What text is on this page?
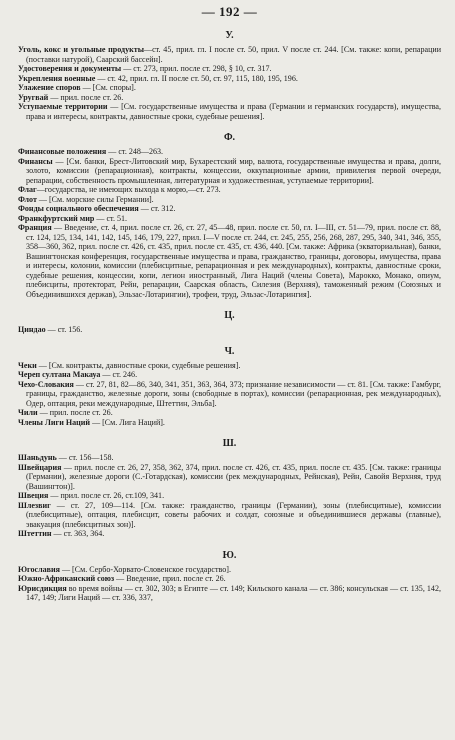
— 192 —
У.

Уголь, кокс и угольные продукты—ст. 45, прил. гл. I после ст. 50, прил. V после ст. 244. [См. также: копи, репарации (поставки натурой), Саарский бассейн].

Удостоверения и документы — ст. 273, прил. после ст. 298, § 10, ст. 317.

Укрепления военные — ст. 42, прил. гл. II после ст. 50, ст. 97, 115, 180, 195, 196.

Улажение споров — [См. споры].

Уругвай — прил. после ст. 26.

Уступаемые территории — [См. государственные имущества и права (Германии и германских государств), имущества, права и интересы, контракты, давностные сроки, судебные решения].

Ф.

Финансовые положения — ст. 248—263.

Финансы — [См. банки, Брест-Литовский мир, Бухарестский мир, валюта, государственные имущества и права, долги, золото, комиссии (репарационная), контракты, концессии, оккупационные армии, привилегия первой очереди, репарации, собственность промышленная, литературная и художественная, уступаемые территории].

Флаг—государства, не имеющих выхода к морю,—ст. 273.

Флот — [См. морские силы Германии].

Фонды социального обеспечения — ст. 312.

Франкфуртский мир — ст. 51.

Франция — Введение, ст. 4, прил. после ст. 26, ст. 27, 45—48, прил. после ст. 50, гл. I—III, ст. 51—79, прил. после ст. 88, ст. 124, 125, 134, 141, 142, 145, 146, 179, 227, прил. I—V после ст. 244, ст. 245, 255, 256, 268, 287, 295, 340, 341, 346, 355, 358—360, 362, прил. после ст. 426, ст. 435, прил. после ст. 435, ст. 436, 440. [См. также: Африка (экваториальная), банки, Вашингтонская конференция, государственные имущества и права, гражданство, границы, договоры, имущества, права и интересы, колонии, комиссии (плебисцитные, репарационная и рек международных), контракты, давностные сроки, судебные решения, концессии, копи, легион иностранный, Лига Наций (члены Совета), Марокко, Монако, опиум, плебисциты, протекторат, Рейн, репарации, Саарская область, Силезия (Верхняя), таможенный режим (Союзных и Объединившихся держав), Эльзас-Лотарингии), трофеи, труд, Эльзас-Лотарингия].

Ц.

Циндао — ст. 156.

Ч.

Чеки — [См. контракты, давностные сроки, судебные решения].

Череп султана Макауа — ст. 246.

Чехо-Словакия — ст. 27, 81, 82—86, 340, 341, 351, 363, 364, 373; признание независимости — ст. 81. [См. также: Гамбург, границы, гражданство, железные дороги, зоны (свободные в портах), комиссии (репарационная, рек международных), Одер, оптация, реки международные, Штеттин, Эльба].

Чили — прил. после ст. 26.

Члены Лиги Наций — [См. Лига Наций].

Ш.

Шаньдунь — ст. 156—158.

Швейцария — прил. после ст. 26, 27, 358, 362, 374, прил. после ст. 426, ст. 435, прил. после ст. 435. [См. также: границы (Германии), железные дороги (С.-Готардская), комиссии (рек международных, Рейнская), Рейн, Савойя Верхняя, труд (Вашингтон)].

Швеция — прил. после ст. 26, ст.109, 341.

Шлезвиг — ст. 27, 109—114. [См. также: гражданство, границы (Германии), зоны (плебисцитные), комиссии (плебисцитные), оптация, плебисцит, советы рабочих и солдат, союзные и объединившиеся державы (главные), эвакуация (плебисцитных зон)].

Штеттин — ст. 363, 364.

Ю.

Югославия — [См. Сербо-Хорвато-Словенское государство].

Южно-Африканский союз — Введение, прил. после ст. 26.

Юрисдикция во время войны — ст. 302, 303; в Египте — ст. 149; Кильского канала — ст. 386; консульская — ст. 135, 142, 147, 149; Лиги Наций — ст. 336, 337,
